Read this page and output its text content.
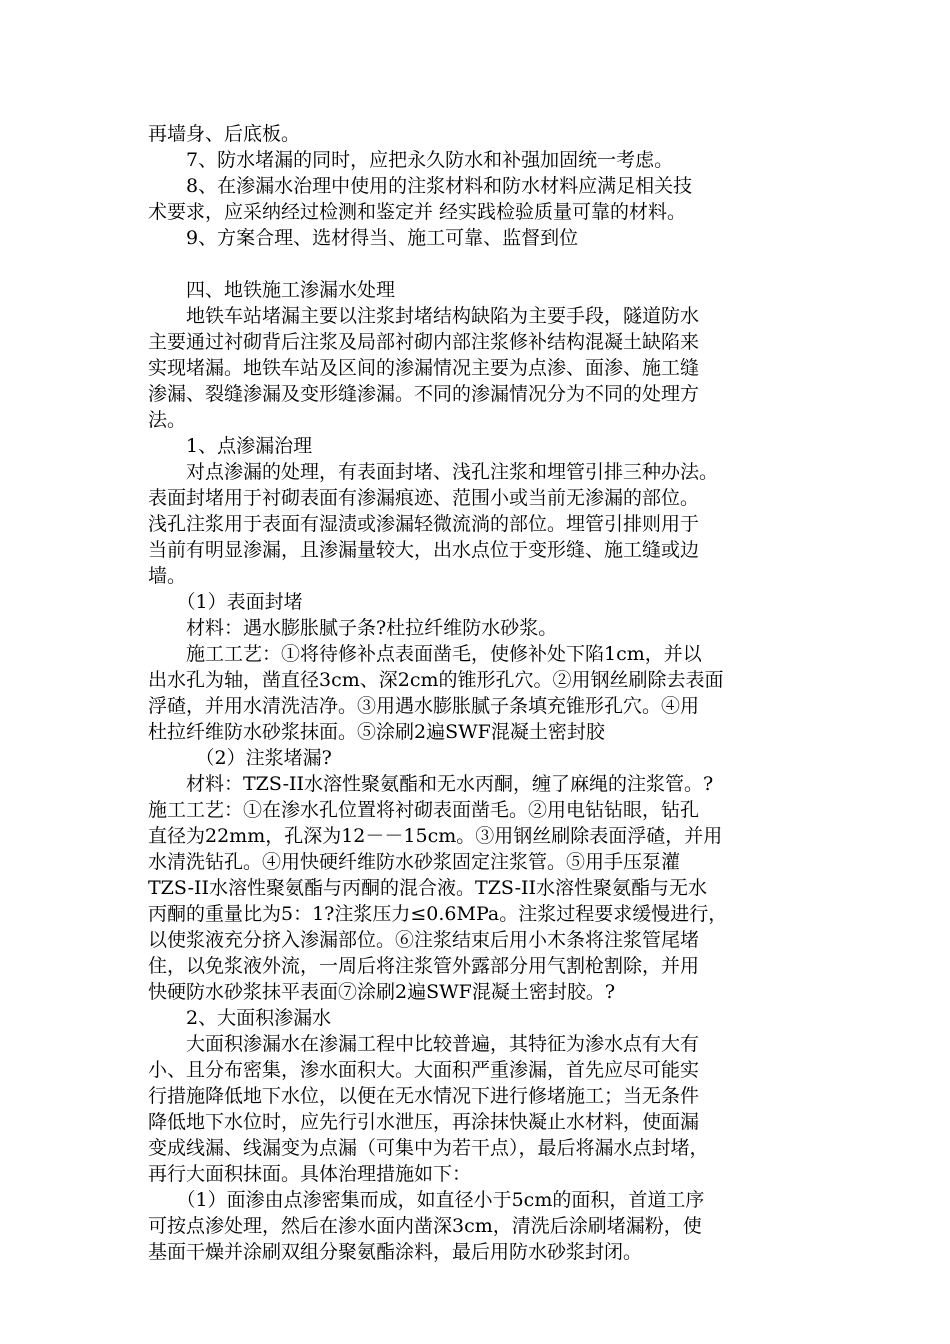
再墙身、后底板。
　　7、防水堵漏的同时，应把永久防水和补强加固统一考虑。
　　8、在渗漏水治理中使用的注浆材料和防水材料应满足相关技
术要求，应采纳经过检测和鉴定并 经实践检验质量可靠的材料。
　　9、方案合理、选材得当、施工可靠、监督到位
　　四、地铁施工渗漏水处理
　　地铁车站堵漏主要以注浆封堵结构缺陷为主要手段，隧道防水
主要通过衬砌背后注浆及局部衬砌内部注浆修补结构混凝土缺陷来
实现堵漏。地铁车站及区间的渗漏情况主要为点渗、面渗、施工缝
渗漏、裂缝渗漏及变形缝渗漏。不同的渗漏情况分为不同的处理方
法。
　　1、点渗漏治理
　　对点渗漏的处理，有表面封堵、浅孔注浆和埋管引排三种办法。
表面封堵用于衬砌表面有渗漏痕迹、范围小或当前无渗漏的部位。
浅孔注浆用于表面有湿渍或渗漏轻微流淌的部位。埋管引排则用于
当前有明显渗漏，且渗漏量较大，出水点位于变形缝、施工缝或边
墙。
　　（1）表面封堵
　　材料：遇水膨胀腻子条?杜拉纤维防水砂浆。
　　施工工艺：①将待修补点表面凿毛，使修补处下陷1cm，并以
出水孔为轴，凿直径3cm、深2cm的锥形孔穴。②用钢丝刷除去表面
浮碴，并用水清洗洁净。③用遇水膨胀腻子条填充锥形孔穴。④用
杜拉纤维防水砂浆抹面。⑤涂刷2遍SWF混凝土密封胶
　　　（2）注浆堵漏?
　　材料：TZS-II水溶性聚氨酯和无水丙酮，缠了麻绳的注浆管。?
施工工艺：①在渗水孔位置将衬砌表面凿毛。②用电钻钻眼，钻孔
直径为22mm，孔深为12－－15cm。③用钢丝刷除表面浮碴，并用
水清洗钻孔。④用快硬纤维防水砂浆固定注浆管。⑤用手压泵灌
TZS-II水溶性聚氨酯与丙酮的混合液。TZS-II水溶性聚氨酯与无水
丙酮的重量比为5：1?注浆压力≤0.6MPa。注浆过程要求缓慢进行，
以使浆液充分挤入渗漏部位。⑥注浆结束后用小木条将注浆管尾堵
住，以免浆液外流，一周后将注浆管外露部分用气割枪割除，并用
快硬防水砂浆抹平表面⑦涂刷2遍SWF混凝土密封胶。?
　　2、大面积渗漏水
　　大面积渗漏水在渗漏工程中比较普遍，其特征为渗水点有大有
小、且分布密集，渗水面积大。大面积严重渗漏，首先应尽可能实
行措施降低地下水位，以便在无水情况下进行修堵施工；当无条件
降低地下水位时，应先行引水泄压，再涂抹快凝止水材料，使面漏
变成线漏、线漏变为点漏（可集中为若干点），最后将漏水点封堵，
再行大面积抹面。具体治理措施如下：
　　（1）面渗由点渗密集而成，如直径小于5cm的面积，首道工序
可按点渗处理，然后在渗水面内凿深3cm，清洗后涂刷堵漏粉，使
基面干燥并涂刷双组分聚氨酯涂料，最后用防水砂浆封闭。
